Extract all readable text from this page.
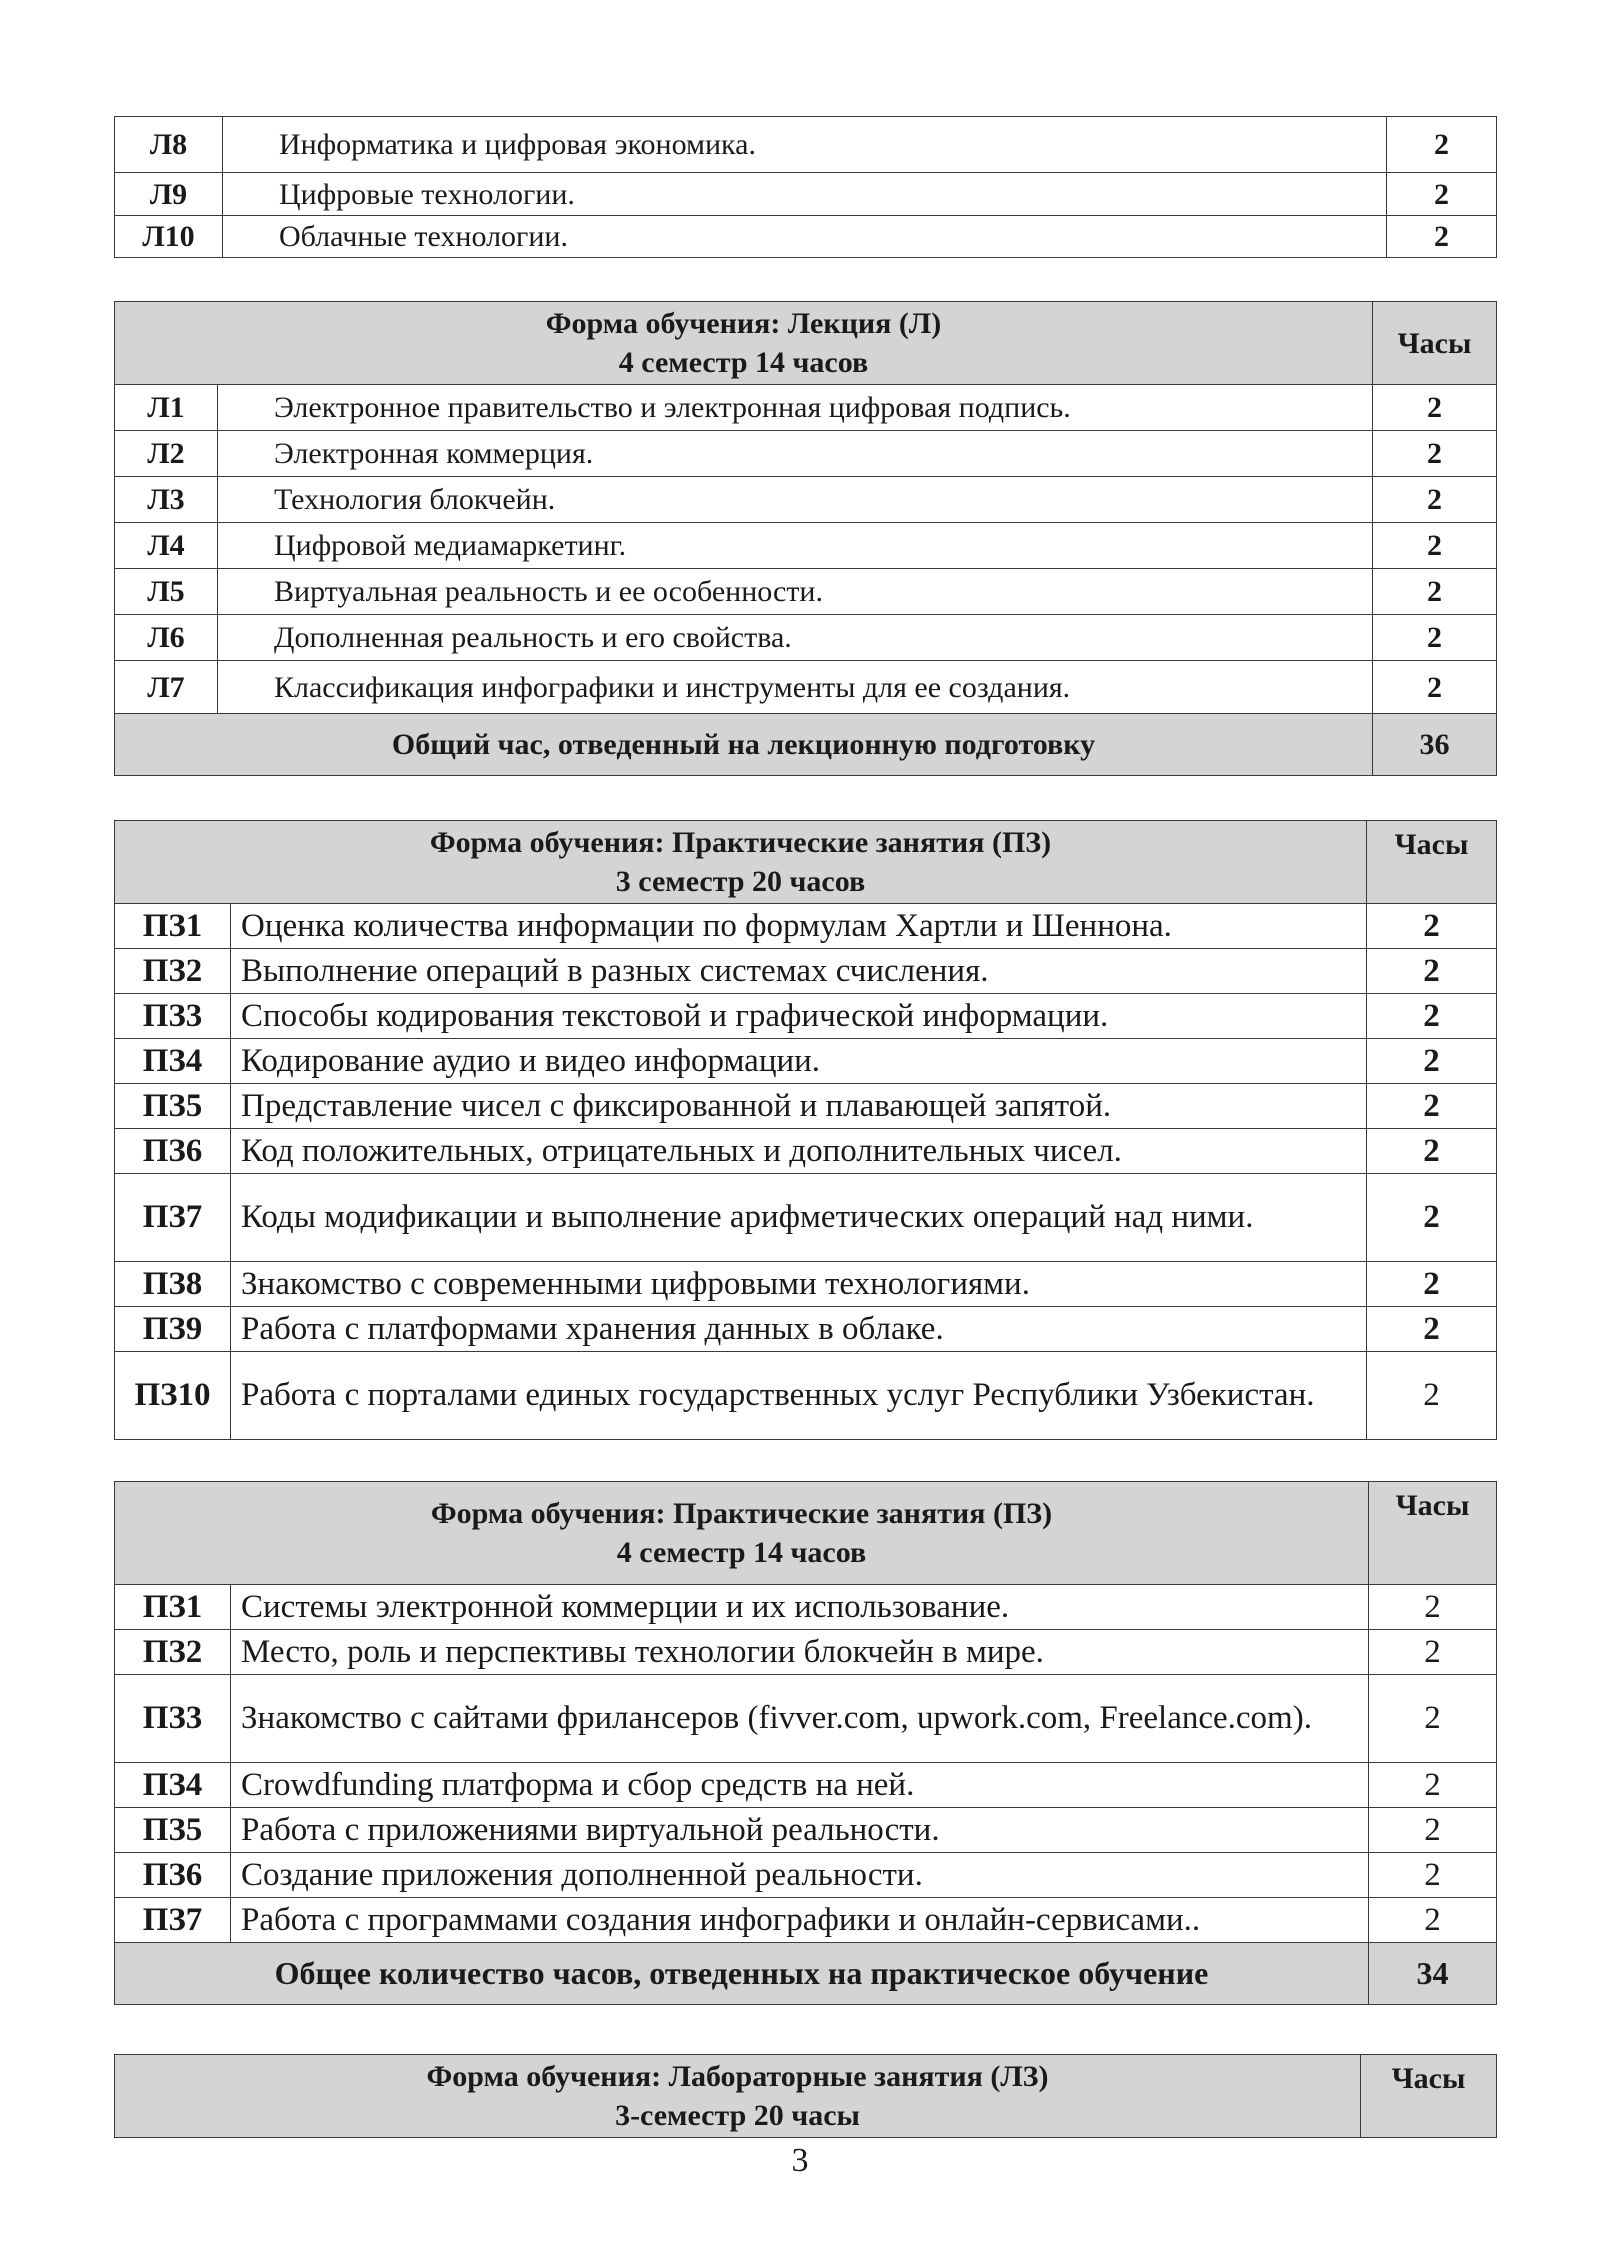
Л8	Информатика и цифровая экономика.	2
Л9	Цифровые технологии.	2
Л10	Облачные технологии.	2
Форма обучения: Лекция (Л)
4 семестр 14 часов		Часы
Л1	Электронное правительство и электронная цифровая подпись.	2
Л2	Электронная коммерция.	2
Л3	Технология блокчейн.	2
Л4	Цифровой медиамаркетинг.	2
Л5	Виртуальная реальность и ее особенности.	2
Л6	Дополненная реальность и его свойства.	2
Л7	Классификация инфографики и инструменты для ее создания.	2
Общий час, отведенный на лекционную подготовку		36
Форма обучения: Практические занятия (ПЗ)
3 семестр 20 часов		Часы
ПЗ1	Оценка количества информации по формулам Хартли и Шеннона.	2
ПЗ2	Выполнение операций в разных системах счисления.	2
ПЗ3	Способы кодирования текстовой и графической информации.	2
ПЗ4	Кодирование аудио и видео информации.	2
ПЗ5	Представление чисел с фиксированной и плавающей запятой.	2
ПЗ6	Код положительных, отрицательных и дополнительных чисел.	2
ПЗ7	Коды модификации и выполнение арифметических операций над ними.	2
ПЗ8	Знакомство с современными цифровыми технологиями.	2
ПЗ9	Работа с платформами хранения данных в облаке.	2
ПЗ10	Работа с порталами единых государственных услуг Республики Узбекистан.	2
Форма обучения: Практические занятия (ПЗ)
4 семестр 14 часов		Часы
ПЗ1	Системы электронной коммерции и их использование.	2
ПЗ2	Место, роль и перспективы технологии блокчейн в мире.	2
ПЗ3	Знакомство с сайтами фрилансеров (fivver.com, upwork.com, Freelance.com).	2
ПЗ4	Crowdfunding платформа и сбор средств на ней.	2
ПЗ5	Работа с приложениями виртуальной реальности.	2
ПЗ6	Создание приложения дополненной реальности.	2
ПЗ7	Работа с программами создания инфографики и онлайн-сервисами..	2
Общее количество часов, отведенных на практическое обучение		34
Форма обучения: Лабораторные занятия (ЛЗ)
3-семестр 20 часы
	Часы
3
